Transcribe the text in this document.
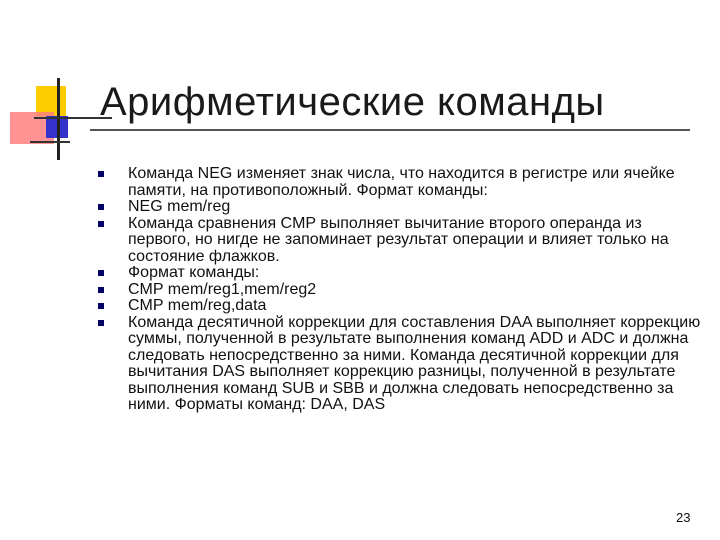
Арифметические команды
Команда NEG изменяет знак числа, что находится в регистре или ячейке памяти, на противоположный. Формат команды:
NEG mem/reg
Команда сравнения CMP выполняет вычитание второго операнда из первого, но нигде не запоминает результат операции и влияет только на состояние флажков.
Формат команды:
CMP mem/reg1,mem/reg2
CMP mem/reg,data
Команда десятичной коррекции для составления DAA выполняет коррекцию суммы, полученной в результате выполнения команд ADD и ADC и должна следовать непосредственно за ними. Команда десятичной коррекции для вычитания DAS выполняет коррекцию разницы, полученной в результате выполнения команд SUB и SBB и должна следовать непосредственно за ними. Форматы команд: DAA, DAS
23
